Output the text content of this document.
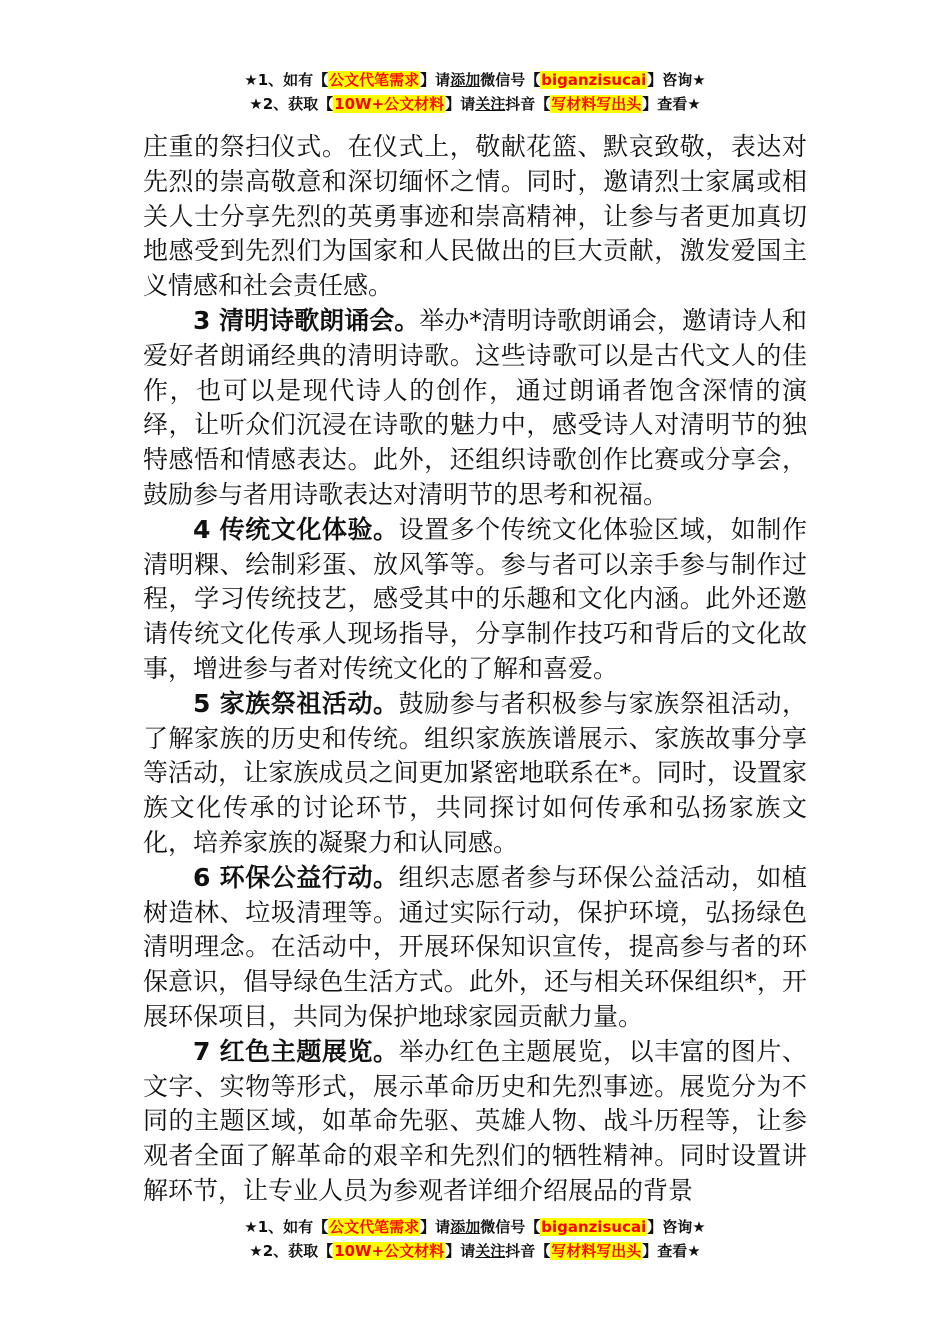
★1、如有【公文代笔需求】请添加微信号【biganzisucai】咨询★
★2、获取【10W+公文材料】请关注抖音【写材料写出头】查看★

庄重的祭扫仪式。在仪式上，敬献花篮、默哀致敬，表达对先烈的崇高敬意和深切缅怀之情。同时，邀请烈士家属或相关人士分享先烈的英勇事迹和崇高精神，让参与者更加真切地感受到先烈们为国家和人民做出的巨大贡献，激发爱国主义情感和社会责任感。

3 清明诗歌朗诵会。举办*清明诗歌朗诵会，邀请诗人和爱好者朗诵经典的清明诗歌。这些诗歌可以是古代文人的佳作，也可以是现代诗人的创作，通过朗诵者饱含深情的演绎，让听众们沉浸在诗歌的魅力中，感受诗人对清明节的独特感悟和情感表达。此外，还组织诗歌创作比赛或分享会，鼓励参与者用诗歌表达对清明节的思考和祝福。

4 传统文化体验。设置多个传统文化体验区域，如制作清明粿、绘制彩蛋、放风筝等。参与者可以亲手参与制作过程，学习传统技艺，感受其中的乐趣和文化内涵。此外还邀请传统文化传承人现场指导，分享制作技巧和背后的文化故事，增进参与者对传统文化的了解和喜爱。

5 家族祭祖活动。鼓励参与者积极参与家族祭祖活动，了解家族的历史和传统。组织家族族谱展示、家族故事分享等活动，让家族成员之间更加紧密地联系在*。同时，设置家族文化传承的讨论环节，共同探讨如何传承和弘扬家族文化，培养家族的凝聚力和认同感。

6 环保公益行动。组织志愿者参与环保公益活动，如植树造林、垃圾清理等。通过实际行动，保护环境，弘扬绿色清明理念。在活动中，开展环保知识宣传，提高参与者的环保意识，倡导绿色生活方式。此外，还与相关环保组织*，开展环保项目，共同为保护地球家园贡献力量。

7 红色主题展览。举办红色主题展览，以丰富的图片、文字、实物等形式，展示革命历史和先烈事迹。展览分为不同的主题区域，如革命先驱、英雄人物、战斗历程等，让参观者全面了解革命的艰辛和先烈们的牺牲精神。同时设置讲解环节，让专业人员为参观者详细介绍展品的背景

★1、如有【公文代笔需求】请添加微信号【biganzisucai】咨询★
★2、获取【10W+公文材料】请关注抖音【写材料写出头】查看★
